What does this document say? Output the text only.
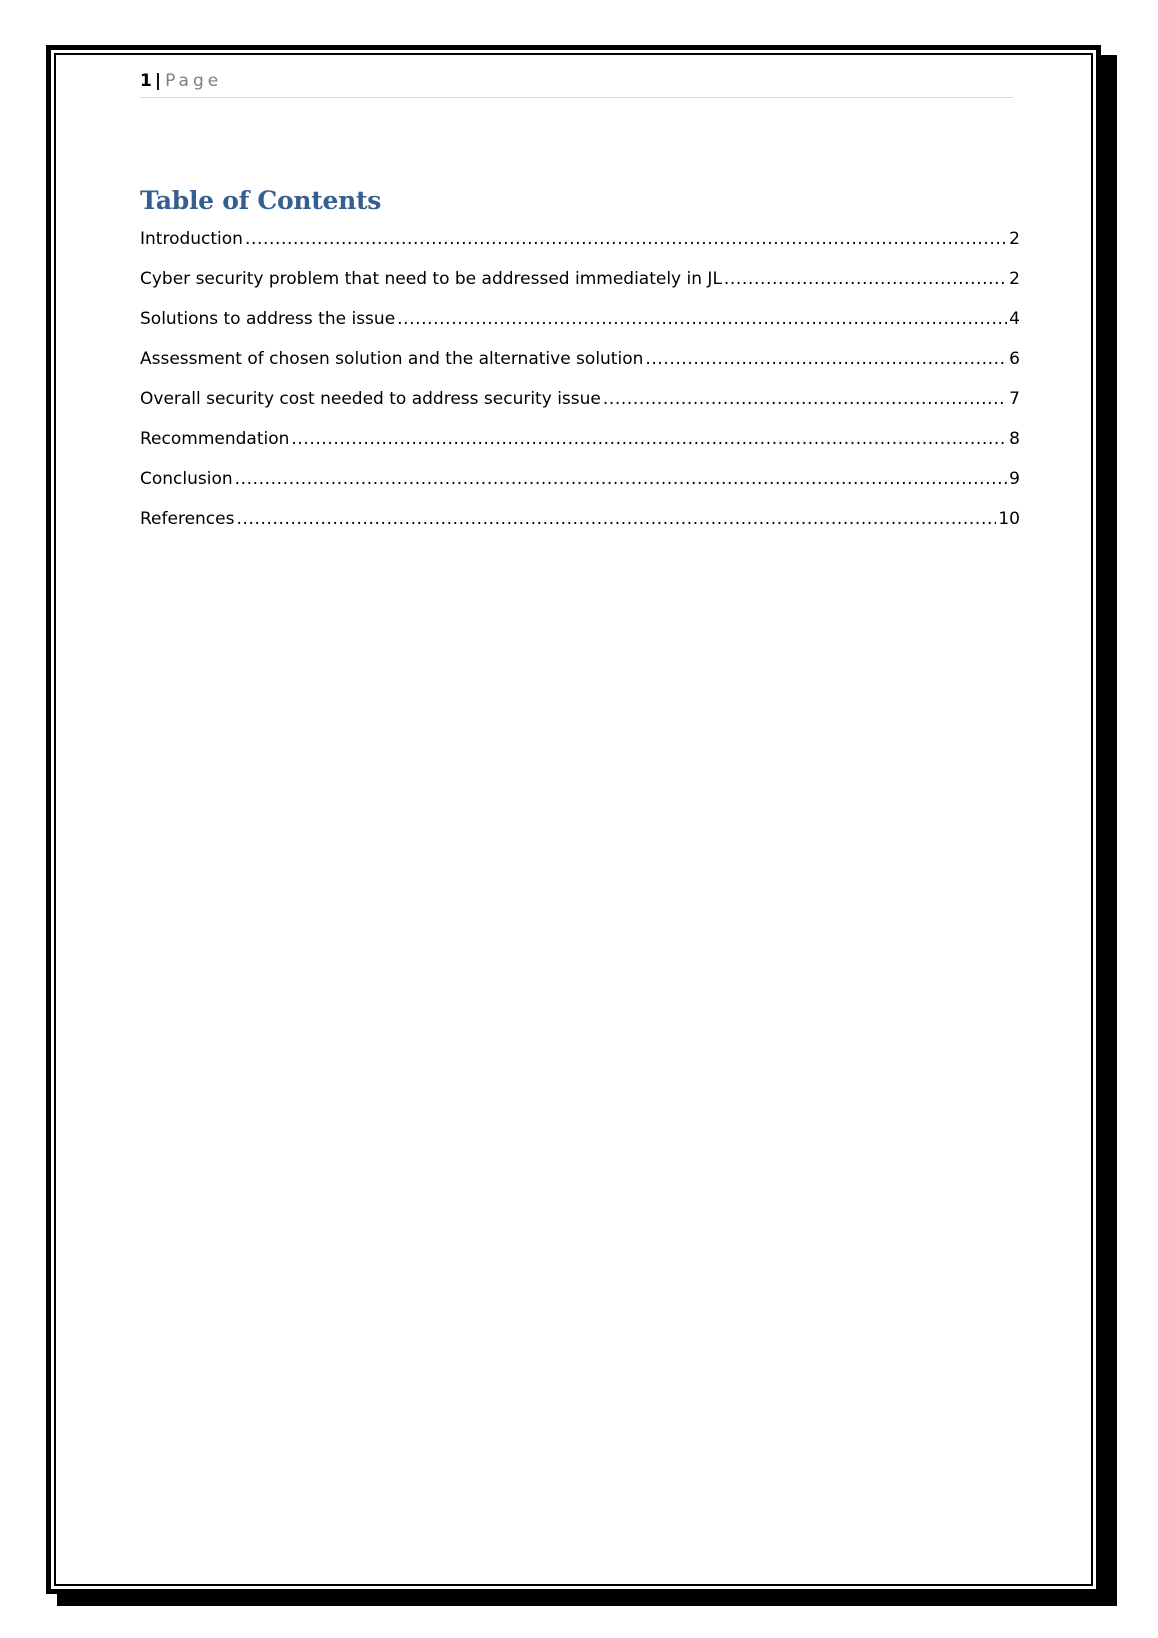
1 | Page
Table of Contents
Introduction .....	2
Cyber security problem that need to be addressed immediately in JL .....	2
Solutions to address the issue .....	4
Assessment of chosen solution and the alternative solution .....	6
Overall security cost needed to address security issue .....	7
Recommendation .....	8
Conclusion .....	9
References .....	10
